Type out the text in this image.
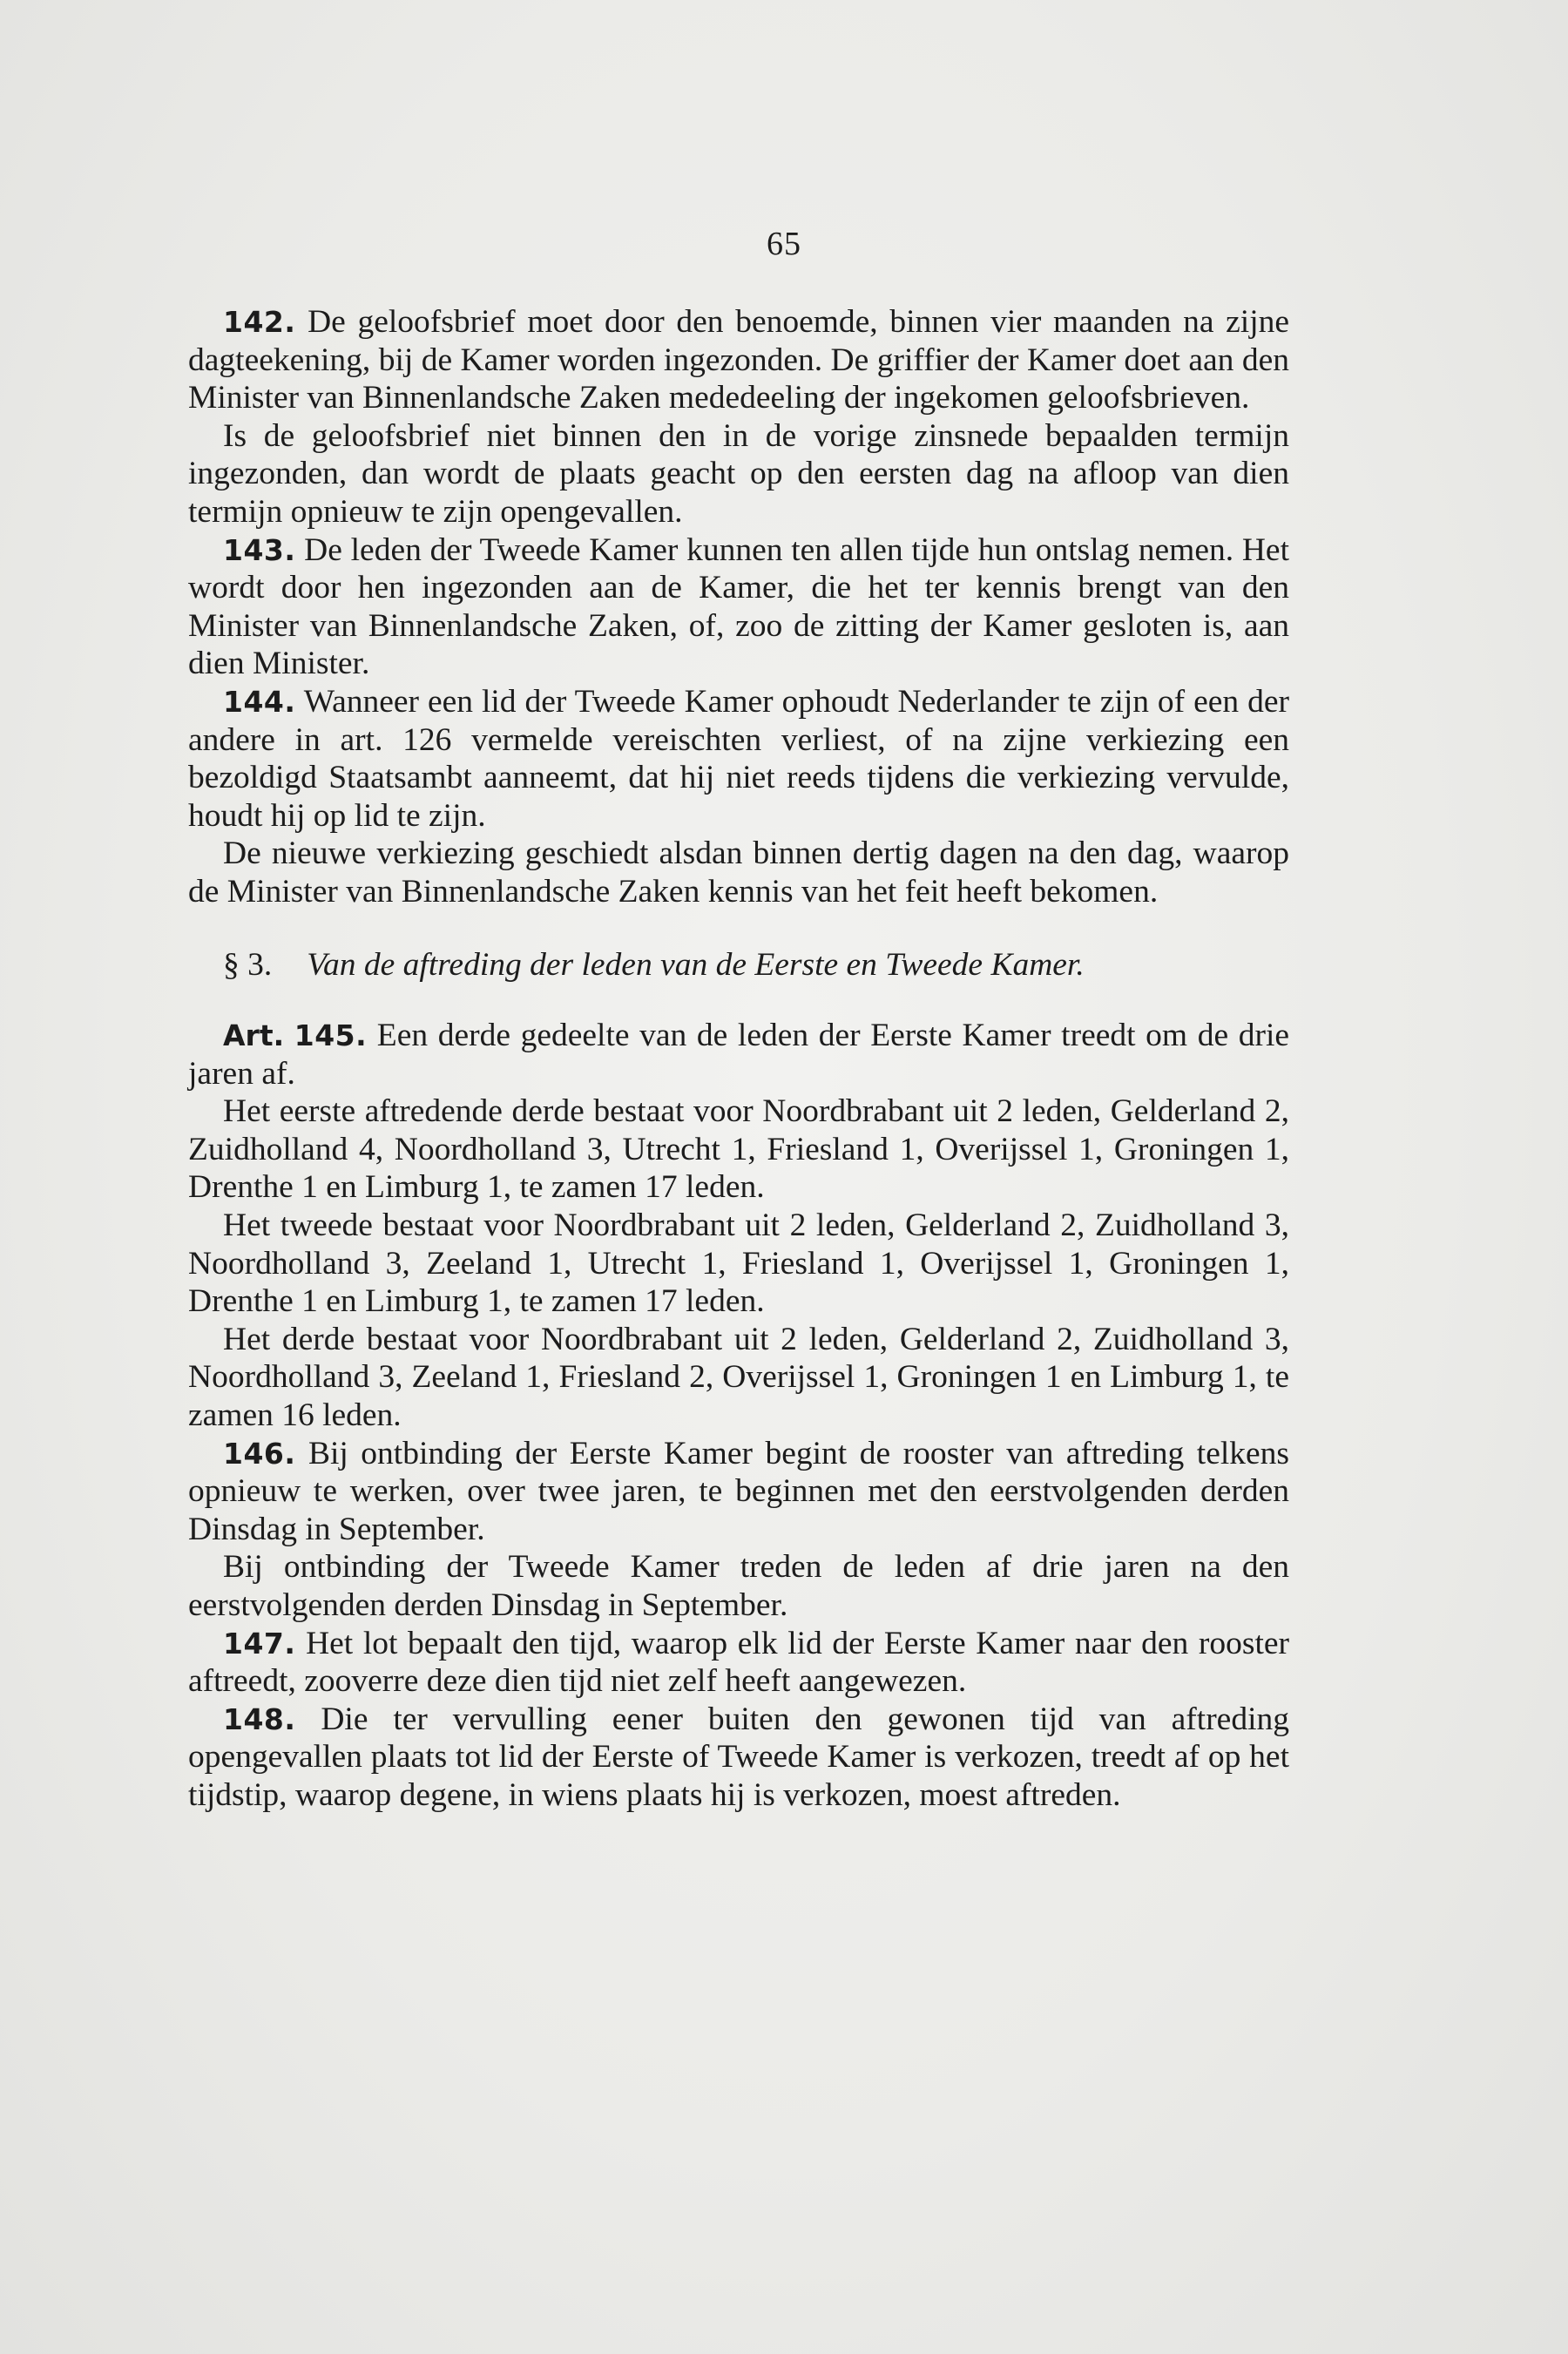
65

142. De geloofsbrief moet door den benoemde, binnen vier maanden na zijne dagteekening, bij de Kamer worden ingezonden. De griffier der Kamer doet aan den Minister van Binnenlandsche Zaken mededeeling der ingekomen geloofsbrieven.

Is de geloofsbrief niet binnen den in de vorige zinsnede bepaalden termijn ingezonden, dan wordt de plaats geacht op den eersten dag na afloop van dien termijn opnieuw te zijn opengevallen.

143. De leden der Tweede Kamer kunnen ten allen tijde hun ontslag nemen. Het wordt door hen ingezonden aan de Kamer, die het ter kennis brengt van den Minister van Binnenlandsche Zaken, of, zoo de zitting der Kamer gesloten is, aan dien Minister.

144. Wanneer een lid der Tweede Kamer ophoudt Nederlander te zijn of een der andere in art. 126 vermelde vereischten verliest, of na zijne verkiezing een bezoldigd Staatsambt aanneemt, dat hij niet reeds tijdens die verkiezing vervulde, houdt hij op lid te zijn.

De nieuwe verkiezing geschiedt alsdan binnen dertig dagen na den dag, waarop de Minister van Binnenlandsche Zaken kennis van het feit heeft bekomen.

§ 3. Van de aftreding der leden van de Eerste en Tweede Kamer.

Art. 145. Een derde gedeelte van de leden der Eerste Kamer treedt om de drie jaren af.

Het eerste aftredende derde bestaat voor Noordbrabant uit 2 leden, Gelderland 2, Zuidholland 4, Noordholland 3, Utrecht 1, Friesland 1, Overijssel 1, Groningen 1, Drenthe 1 en Limburg 1, te zamen 17 leden.

Het tweede bestaat voor Noordbrabant uit 2 leden, Gelderland 2, Zuidholland 3, Noordholland 3, Zeeland 1, Utrecht 1, Friesland 1, Overijssel 1, Groningen 1, Drenthe 1 en Limburg 1, te zamen 17 leden.

Het derde bestaat voor Noordbrabant uit 2 leden, Gelderland 2, Zuidholland 3, Noordholland 3, Zeeland 1, Friesland 2, Overijssel 1, Groningen 1 en Limburg 1, te zamen 16 leden.

146. Bij ontbinding der Eerste Kamer begint de rooster van aftreding telkens opnieuw te werken, over twee jaren, te beginnen met den eerstvolgenden derden Dinsdag in September.

Bij ontbinding der Tweede Kamer treden de leden af drie jaren na den eerstvolgenden derden Dinsdag in September.

147. Het lot bepaalt den tijd, waarop elk lid der Eerste Kamer naar den rooster aftreedt, zooverre deze dien tijd niet zelf heeft aangewezen.

148. Die ter vervulling eener buiten den gewonen tijd van aftreding opengevallen plaats tot lid der Eerste of Tweede Kamer is verkozen, treedt af op het tijdstip, waarop degene, in wiens plaats hij is verkozen, moest aftreden.
